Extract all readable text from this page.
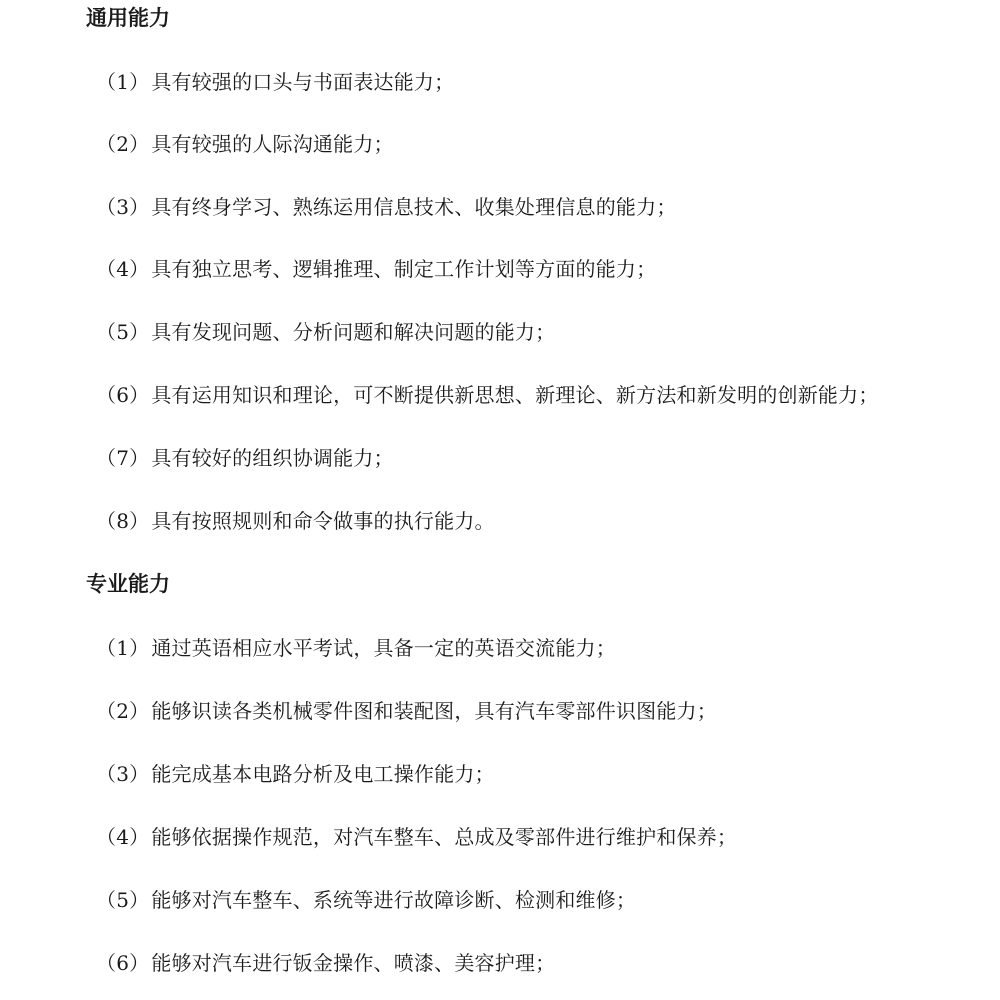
通用能力
（1） 具有较强的口头与书面表达能力；
（2） 具有较强的人际沟通能力；
（3） 具有终身学习、熟练运用信息技术、收集处理信息的能力；
（4） 具有独立思考、逻辑推理、制定工作计划等方面的能力；
（5） 具有发现问题、分析问题和解决问题的能力；
（6） 具有运用知识和理论，可不断提供新思想、新理论、新方法和新发明的创新能力；
（7） 具有较好的组织协调能力；
（8） 具有按照规则和命令做事的执行能力。
专业能力
（1） 通过英语相应水平考试，具备一定的英语交流能力；
（2） 能够识读各类机械零件图和装配图，具有汽车零部件识图能力；
（3） 能完成基本电路分析及电工操作能力；
（4） 能够依据操作规范，对汽车整车、总成及零部件进行维护和保养；
（5） 能够对汽车整车、系统等进行故障诊断、检测和维修；
（6） 能够对汽车进行钣金操作、喷漆、美容护理；
